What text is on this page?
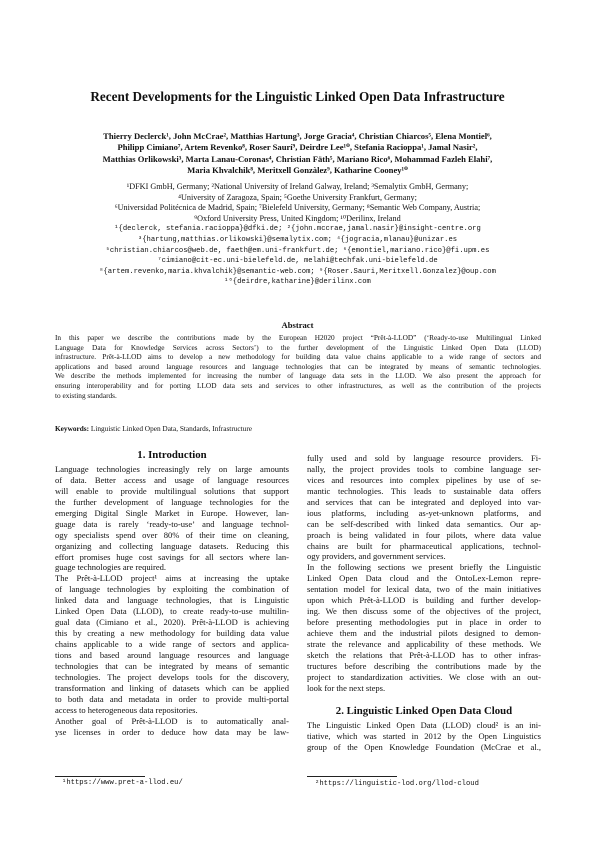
Recent Developments for the Linguistic Linked Open Data Infrastructure
Thierry Declerck¹, John McCrae², Matthias Hartung³, Jorge Gracia⁴, Christian Chiarcos⁵, Elena Montiel⁶,
Philipp Cimiano⁷, Artem Revenko⁸, Roser Saurí⁹, Deirdre Lee¹⁰, Stefania Racioppa¹, Jamal Nasir²,
Matthias Orlikowski³, Marta Lanau-Coronas⁴, Christian Fäth⁵, Mariano Rico⁶, Mohammad Fazleh Elahi⁷,
Maria Khvalchik⁸, Meritxell Gonzàlez⁹, Katharine Cooney¹⁰
¹DFKI GmbH, Germany; ²National University of Ireland Galway, Ireland; ³Semalytix GmbH, Germany;
⁴University of Zaragoza, Spain; ⁵Goethe University Frankfurt, Germany;
⁶Universidad Politécnica de Madrid, Spain; ⁷Bielefeld University, Germany; ⁸Semantic Web Company, Austria;
⁹Oxford University Press, United Kingdom; ¹⁰Derilinx, Ireland
¹{declerck, stefania.racioppa}@dfki.de; ²{john.mccrae,jamal.nasir}@insight-centre.org
³{hartung,matthias.orlikowski}@semalytix.com; ⁴{jogracia,mlanau}@unizar.es
⁵christian.chiarcos@web.de, faeth@em.uni-frankfurt.de; ⁶{emontiel,mariano.rico}@fi.upm.es
⁷cimiano@cit-ec.uni-bielefeld.de, melahi@techfak.uni-bielefeld.de
⁸{artem.revenko,maria.khvalchik}@semantic-web.com; ⁹{Roser.Sauri,Meritxell.Gonzalez}@oup.com
¹⁰{deirdre,katharine}@derilinx.com
Abstract
In this paper we describe the contributions made by the European H2020 project “Prêt-à-LLOD” (‘Ready-to-use Multilingual Linked
Language Data for Knowledge Services across Sectors’) to the further development of the Linguistic Linked Open Data (LLOD)
infrastructure. Prêt-à-LLOD aims to develop a new methodology for building data value chains applicable to a wide range of sectors and
applications and based around language resources and language technologies that can be integrated by means of semantic technologies.
We describe the methods implemented for increasing the number of language data sets in the LLOD. We also present the approach for
ensuring interoperability and for porting LLOD data sets and services to other infrastructures, as well as the contribution of the projects
to existing standards.
Keywords: Linguistic Linked Open Data, Standards, Infrastructure
1. Introduction
Language technologies increasingly rely on large amounts
of data. Better access and usage of language resources
will enable to provide multilingual solutions that support
the further development of language technologies for the
emerging Digital Single Market in Europe. However, lan-
guage data is rarely ‘ready-to-use’ and language technol-
ogy specialists spend over 80% of their time on cleaning,
organizing and collecting language datasets. Reducing this
effort promises huge cost savings for all sectors where lan-
guage technologies are required.
The Prêt-à-LLOD project¹ aims at increasing the uptake
of language technologies by exploiting the combination of
linked data and language technologies, that is Linguistic
Linked Open Data (LLOD), to create ready-to-use multilin-
gual data (Cimiano et al., 2020). Prêt-à-LLOD is achieving
this by creating a new methodology for building data value
chains applicable to a wide range of sectors and applica-
tions and based around language resources and language
technologies that can be integrated by means of semantic
technologies. The project develops tools for the discovery,
transformation and linking of datasets which can be applied
to both data and metadata in order to provide multi-portal
access to heterogeneous data repositories.
Another goal of Prêt-à-LLOD is to automatically anal-
yse licenses in order to deduce how data may be law-
fully used and sold by language resource providers. Fi-
nally, the project provides tools to combine language ser-
vices and resources into complex pipelines by use of se-
mantic technologies. This leads to sustainable data offers
and services that can be integrated and deployed into var-
ious platforms, including as-yet-unknown platforms, and
can be self-described with linked data semantics. Our ap-
proach is being validated in four pilots, where data value
chains are built for pharmaceutical applications, technol-
ogy providers, and government services.
In the following sections we present briefly the Linguistic
Linked Open Data cloud and the OntoLex-Lemon repre-
sentation model for lexical data, two of the main initiatives
upon which Prêt-à-LLOD is building and further develop-
ing. We then discuss some of the objectives of the project,
before presenting methodologies put in place in order to
achieve them and the industrial pilots designed to demon-
strate the relevance and applicability of these methods. We
sketch the relations that Prêt-à-LLOD has to other infras-
tructures before describing the contributions made by the
project to standardization activities. We close with an out-
look for the next steps.
2. Linguistic Linked Open Data Cloud
The Linguistic Linked Open Data (LLOD) cloud² is an ini-
tiative, which was started in 2012 by the Open Linguistics
group of the Open Knowledge Foundation (McCrae et al.,
¹https://www.pret-a-llod.eu/	²https://linguistic-lod.org/llod-cloud
